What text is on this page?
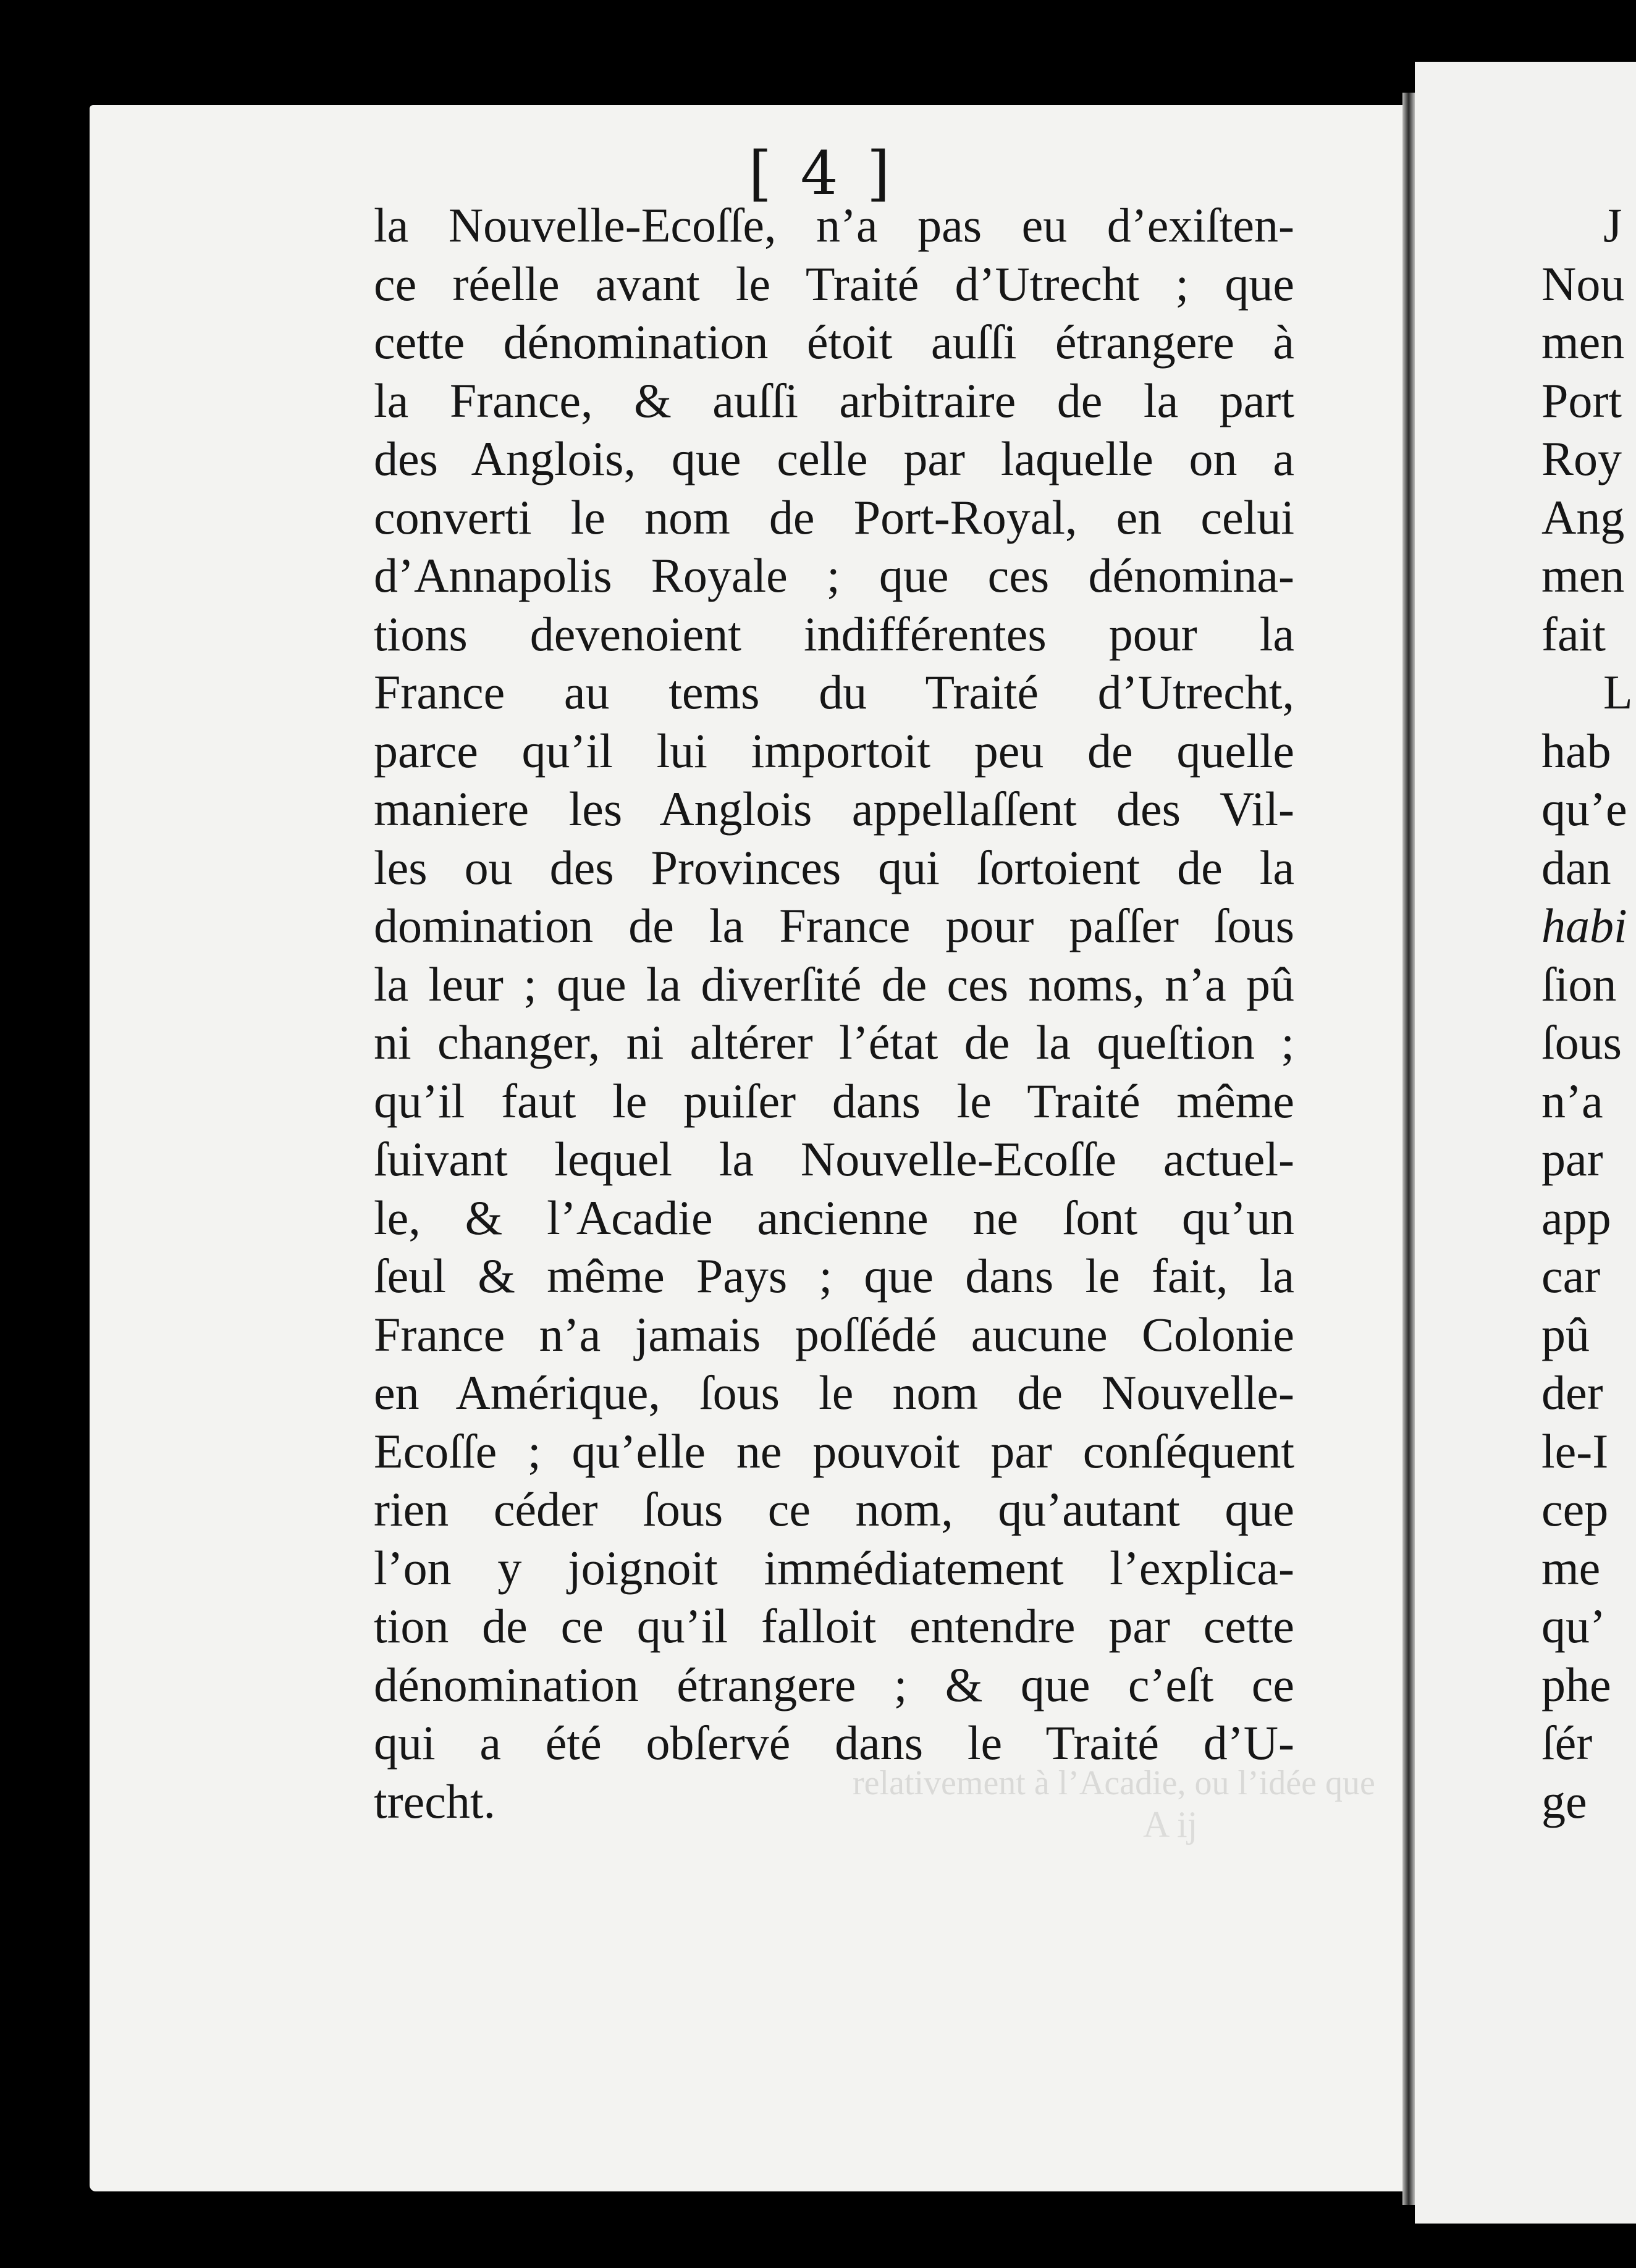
[ 4 ]
la Nouvelle-Ecoſſe, n’a pas eu d’exiſten-
ce réelle avant le Traité d’Utrecht ; que
cette dénomination étoit auſſi étrangere à
la France, & auſſi arbitraire de la part
des Anglois, que celle par laquelle on a
converti le nom de Port-Royal, en celui
d’Annapolis Royale ; que ces dénomina-
tions devenoient indifférentes pour la
France au tems du Traité d’Utrecht,
parce qu’il lui importoit peu de quelle
maniere les Anglois appellaſſent des Vil-
les ou des Provinces qui ſortoient de la
domination de la France pour paſſer ſous
la leur ; que la diverſité de ces noms, n’a pû
ni changer, ni altérer l’état de la queſtion ;
qu’il faut le puiſer dans le Traité même
ſuivant lequel la Nouvelle-Ecoſſe actuel-
le, & l’Acadie ancienne ne ſont qu’un
ſeul & même Pays ; que dans le fait, la
France n’a jamais poſſédé aucune Colonie
en Amérique, ſous le nom de Nouvelle-
Ecoſſe ; qu’elle ne pouvoit par conſéquent
rien céder ſous ce nom, qu’autant que
l’on y joignoit immédiatement l’explica-
tion de ce qu’il falloit entendre par cette
dénomination étrangere ; & que c’eſt ce
qui a été obſervé dans le Traité d’U-
trecht.
J
Nou
men
Port
Roy
Ang
men
fait
L
hab
qu’e
dan
habi
ſion
ſous
n’a
par
app
car
pû
der
le-I
cep
me
qu’
phe
ſér
ge
relativement à l’Acadie, ou l’idée que
A ij
